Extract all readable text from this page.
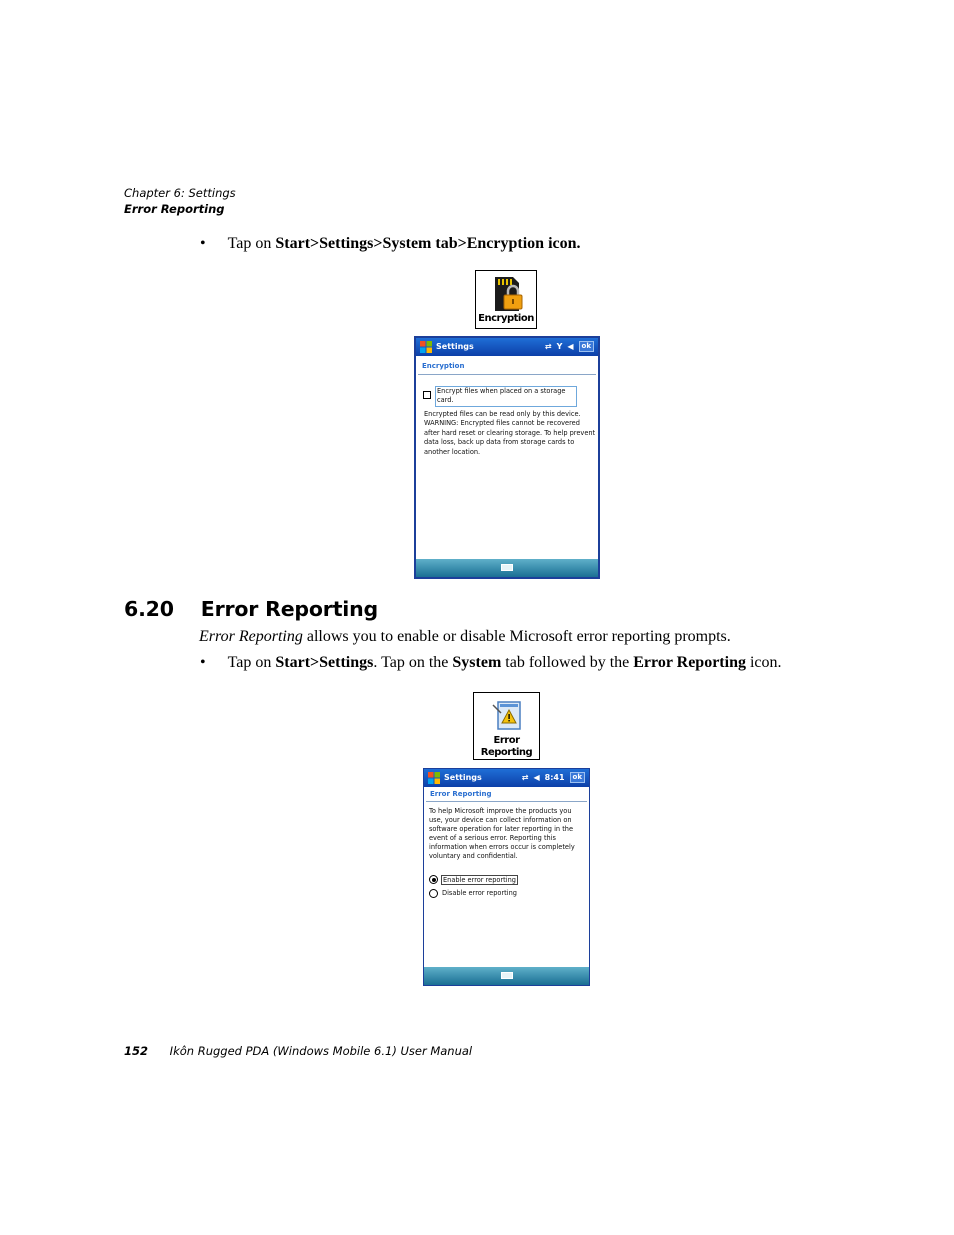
Chapter 6: Settings
Error Reporting
• Tap on Start>Settings>System tab>Encryption icon.
Encryption
Settings	⇄ Y ◀	ok
Encryption
Encrypt files when placed on a storage card.
Encrypted files can be read only by this device. WARNING: Encrypted files cannot be recovered after hard reset or clearing storage. To help prevent data loss, back up data from storage cards to another location.
6.20 Error Reporting
Error Reporting allows you to enable or disable Microsoft error reporting prompts.
• Tap on Start>Settings. Tap on the System tab followed by the Error Reporting icon.
Error
Reporting
Settings	⇄ ◀ 8:41	ok
Error Reporting
To help Microsoft improve the products you use, your device can collect information on software operation for later reporting in the event of a serious error. Reporting this information when errors occur is completely voluntary and confidential.
Enable error reporting
Disable error reporting
152 Ikôn Rugged PDA (Windows Mobile 6.1) User Manual
